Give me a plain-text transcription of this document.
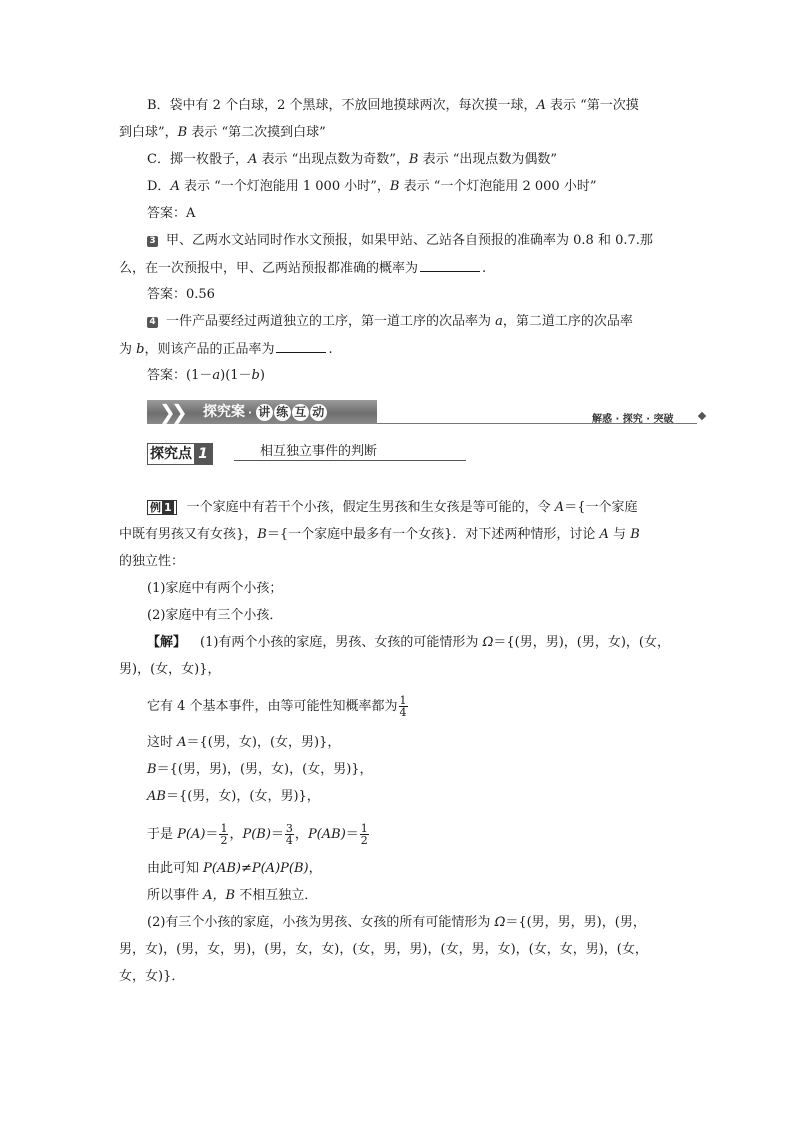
B．袋中有 2 个白球，2 个黑球，不放回地摸球两次，每次摸一球，A 表示 “第一次摸
到白球”，B 表示 “第二次摸到白球”
C．掷一枚骰子，A 表示 “出现点数为奇数”，B 表示 “出现点数为偶数”
D．A 表示 “一个灯泡能用 1 000 小时”，B 表示 “一个灯泡能用 2 000 小时”
答案：A
3 甲、乙两水文站同时作水文预报，如果甲站、乙站各自预报的准确率为 0.8 和 0.7.那
么，在一次预报中，甲、乙两站预报都准确的概率为	.
答案：0.56
4 一件产品要经过两道独立的工序，第一道工序的次品率为 a，第二道工序的次品率
为 b，则该产品的正品率为	.
答案：(1－a)(1－b)
❯
❯ 探究案 · 讲 练 互 动
解惑 · 探究 · 突破
探究点 1	相互独立事件的判断
例 1 一个家庭中有若干个小孩，假定生男孩和生女孩是等可能的，令 A＝{一个家庭
中既有男孩又有女孩}，B＝{一个家庭中最多有一个女孩}．对下述两种情形，讨论 A 与 B
的独立性：
(1)家庭中有两个小孩；
(2)家庭中有三个小孩．
【解】 (1)有两个小孩的家庭，男孩、女孩的可能情形为 Ω＝{(男，男)，(男，女)，(女，
男)，(女，女)}，
它有 4 个基本事件，由等可能性知概率都为 $\frac{1}{4}$
这时 A＝{(男，女)，(女，男)}，
B＝{(男，男)，(男，女)，(女，男)}，
AB＝{(男，女)，(女，男)}，
于是 $P(A)= \frac{1}{2}$ ，$P(B)= \frac{3}{4}$ ，$P(AB)= \frac{1}{2}$
由此可知 P(AB)≠P(A)P(B)，
所以事件 A，B 不相互独立．
(2)有三个小孩的家庭，小孩为男孩、女孩的所有可能情形为 Ω＝{(男，男，男)，(男，
男，女)，(男，女，男)，(男，女，女)，(女，男，男)，(女，男，女)，(女，女，男)，(女，
女，女)}．
